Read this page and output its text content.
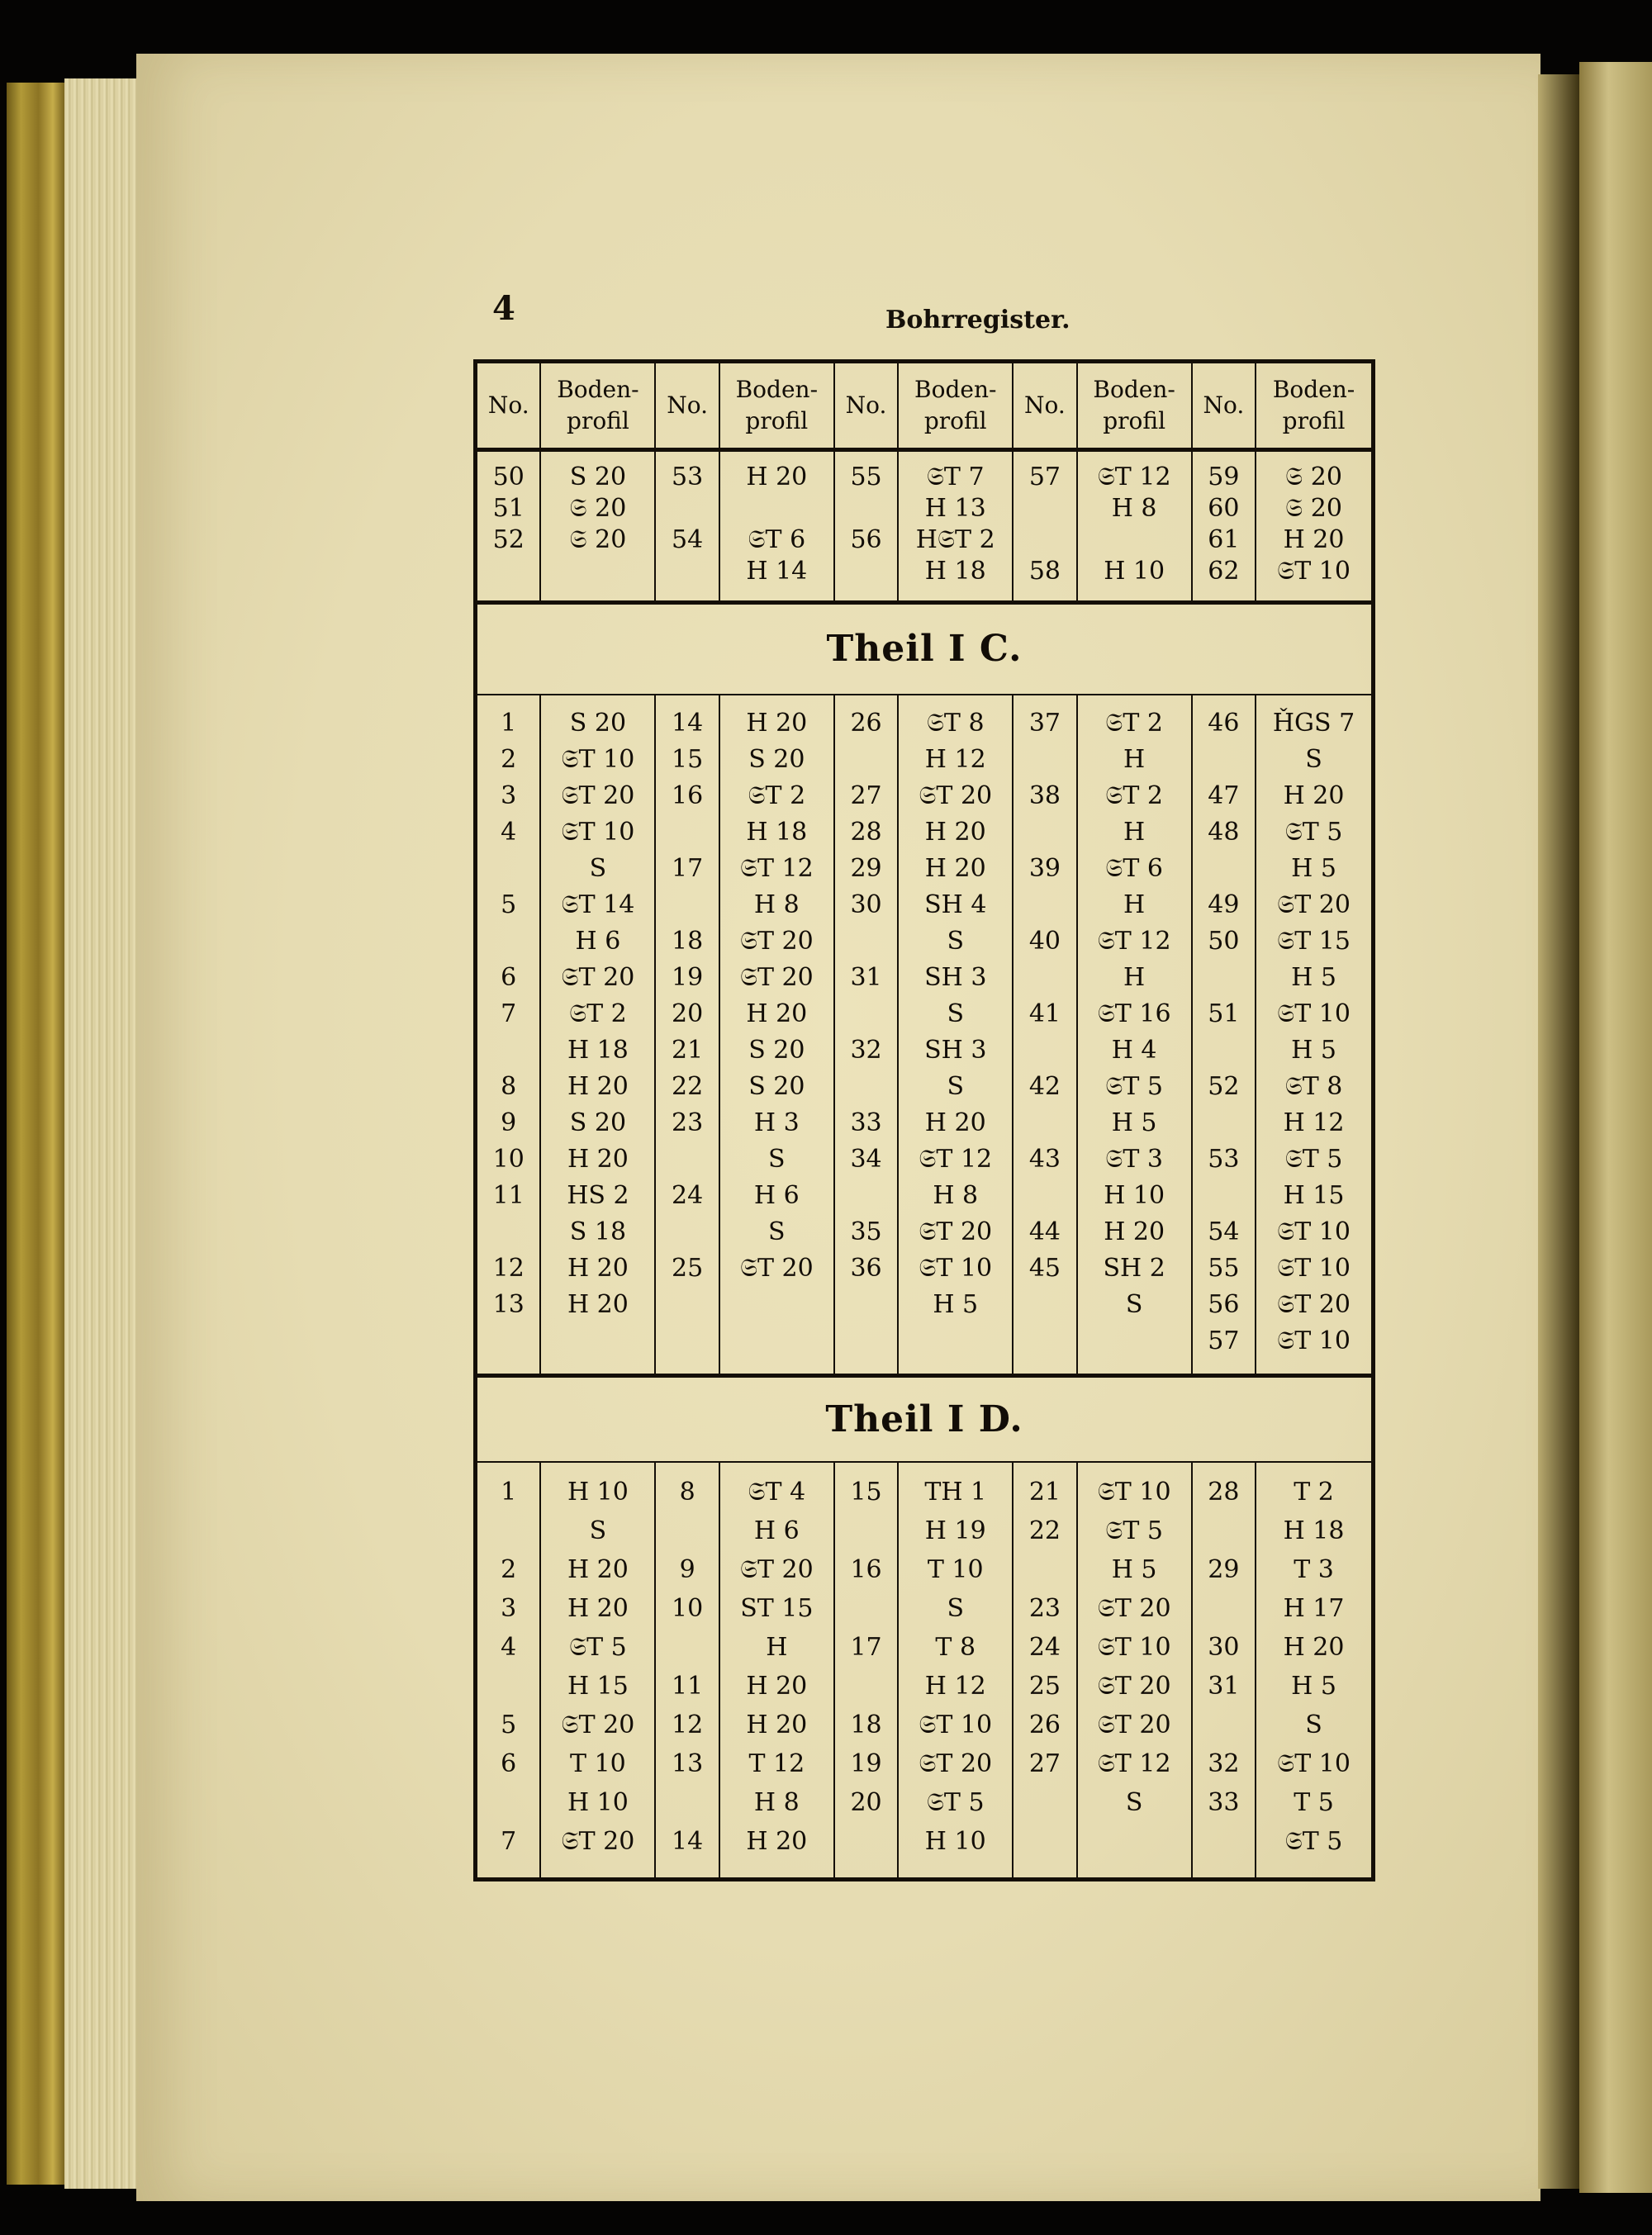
4	Bohrregister.
No.
Boden-
profil
No.
Boden-
profil
No.
Boden-
profil
No.
Boden-
profil
No.
Boden-
profil
50
51
52
S 20
𝔖 20
𝔖 20
53
54
H 20
𝔖T 6
H 14
55
56
𝔖T 7
H 13
H𝔖T 2
H 18
57
58
𝔖T 12
H 8
H 10
59
60
61
62
𝔖 20
𝔖 20
H 20
𝔖T 10
Theil I C.
1
2
3
4
5
6
7
8
9
10
11
12
13
S 20
𝔖T 10
𝔖T 20
𝔖T 10
S
𝔖T 14
H 6
𝔖T 20
𝔖T 2
H 18
H 20
S 20
H 20
HS 2
S 18
H 20
H 20
14
15
16
17
18
19
20
21
22
23
24
25
H 20
S 20
𝔖T 2
H 18
𝔖T 12
H 8
𝔖T 20
𝔖T 20
H 20
S 20
S 20
H 3
S
H 6
S
𝔖T 20
26
27
28
29
30
31
32
33
34
35
36
𝔖T 8
H 12
𝔖T 20
H 20
H 20
SH 4
S
SH 3
S
SH 3
S
H 20
𝔖T 12
H 8
𝔖T 20
𝔖T 10
H 5
37
38
39
40
41
42
43
44
45
𝔖T 2
H
𝔖T 2
H
𝔖T 6
H
𝔖T 12
H
𝔖T 16
H 4
𝔖T 5
H 5
𝔖T 3
H 10
H 20
SH 2
S
46
47
48
49
50
51
52
53
54
55
56
57
ȞGS 7
S
H 20
𝔖T 5
H 5
𝔖T 20
𝔖T 15
H 5
𝔖T 10
H 5
𝔖T 8
H 12
𝔖T 5
H 15
𝔖T 10
𝔖T 10
𝔖T 20
𝔖T 10
Theil I D.
1
2
3
4
5
6
7
H 10
S
H 20
H 20
𝔖T 5
H 15
𝔖T 20
T 10
H 10
𝔖T 20
8
9
10
11
12
13
14
𝔖T 4
H 6
𝔖T 20
ST 15
H
H 20
H 20
T 12
H 8
H 20
15
16
17
18
19
20
TH 1
H 19
T 10
S
T 8
H 12
𝔖T 10
𝔖T 20
𝔖T 5
H 10
21
22
23
24
25
26
27
𝔖T 10
𝔖T 5
H 5
𝔖T 20
𝔖T 10
𝔖T 20
𝔖T 20
𝔖T 12
S
28
29
30
31
32
33
T 2
H 18
T 3
H 17
H 20
H 5
S
𝔖T 10
T 5
𝔖T 5
